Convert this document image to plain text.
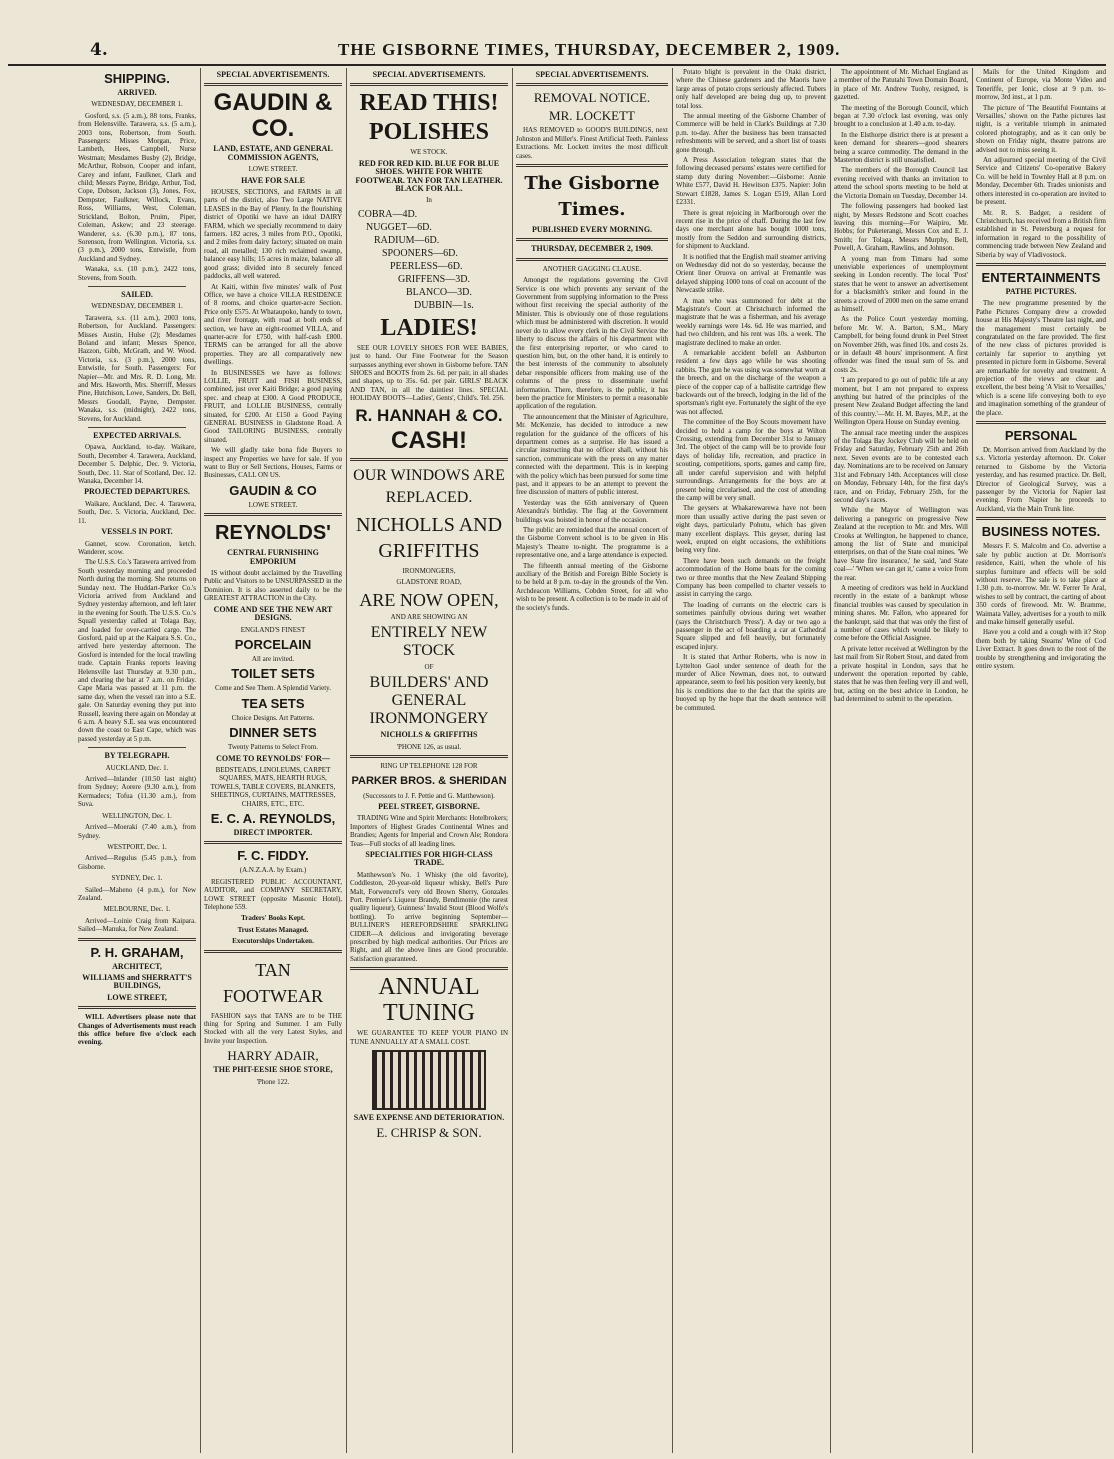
4.	THE GISBORNE TIMES, THURSDAY, DECEMBER 2, 1909.
SHIPPING.
ARRIVED.
WEDNESDAY, DECEMBER 1.

Gosford, s.s. (5 a.m.), 88 tons, Franks, from Helensville. Tarawera, s.s. (5 a.m.), 2003 tons, Robertson, from South. Passengers: Misses Morgan, Price, Lambeth, Hees, Campbell, Nurse Westman; Mesdames Busby (2), Bridge, McArthur, Robson, Cooper and infant, Carey and infant, Faulkner, Clark and child; Messrs Payne, Bridge, Arthur, Tod, Cope, Dobson, Jackson (3), Jones, Fox, Dempster, Faulkner, Willock, Evans, Ross, Williams, West, Coleman, Strickland, Bolton, Pruim, Piper, Coleman, Askew; and 23 steerage. Wanderer, s.s. (6.30 p.m.), 87 tons, Sorenson, from Wellington. Victoria, s.s. (3 p.m.), 2000 tons, Entwistle, from Auckland and Sydney.

Wanaka, s.s. (10 p.m.), 2422 tons, Stevens, from South.

SAILED.
WEDNESDAY, DECEMBER 1.

Tarawera, s.s. (11 a.m.), 2003 tons, Robertson, for Auckland. Passengers: Misses Austin, Hulse (2); Mesdames Boland and infant; Messrs Spence, Hazzon, Gibb, McGrath, and W. Wood. Victoria, s.s. (3 p.m.), 2000 tons, Entwistle, for South. Passengers: For Napier—Mr. and Mrs. R. D. Long, Mr. and Mrs. Haworth, Mrs. Sherriff, Messrs Pine, Hutchison, Lowe, Sanders, Dr. Bell, Messrs Goodall, Payne, Dempster. Wanaka, s.s. (midnight), 2422 tons, Stevens, for Auckland.

EXPECTED ARRIVALS.

Opawa, Auckland, to-day. Waikare, South, December 4. Tarawera, Auckland, December 5. Delphic, Dec. 9. Victoria, South, Dec. 11. Star of Scotland, Dec. 12. Wanaka, December 14.

PROJECTED DEPARTURES.

Waikare, Auckland, Dec. 4. Tarawera, South, Dec. 5. Victoria, Auckland, Dec. 11.

VESSELS IN PORT.

Gannet, scow. Coronation, ketch. Wanderer, scow.

The U.S.S. Co.'s Tarawera arrived from South yesterday morning and proceeded North during the morning. She returns on Sunday next. The Huddart-Parker Co.'s Victoria arrived from Auckland and Sydney yesterday afternoon, and left later in the evening for South. The U.S.S. Co.'s Squall yesterday called at Tolaga Bay, and loaded for over-carried cargo. The Gosford, paid up at the Kaipara S.S. Co., arrived here yesterday afternoon. The Gosford is intended for the local trawling trade. Captain Franks reports leaving Helensville last Thursday at 9.30 p.m., and clearing the bar at 7 a.m. on Friday. Cape Maria was passed at 11 p.m. the same day, when the vessel ran into a S.E. gale. On Saturday evening they put into Russell, leaving there again on Monday at 6 a.m. A heavy S.E. sea was encountered down the coast to East Cape, which was passed yesterday at 5 p.m.

BY TELEGRAPH.
AUCKLAND, Dec. 1.

Arrived—Inlander (10.50 last night) from Sydney; Aorere (9.30 a.m.), from Kermadecs; Tofua (11.30 a.m.), from Suva.

WELLINGTON, Dec. 1.

Arrived—Moeraki (7.40 a.m.), from Sydney.

WESTPORT, Dec. 1.

Arrived—Regulus (5.45 p.m.), from Gisborne.

SYDNEY, Dec. 1.

Sailed—Maheno (4 p.m.), for New Zealand.

MELBOURNE, Dec. 1.

Arrived—Loinie Craig from Kaipara. Sailed—Manuka, for New Zealand.

P. H. GRAHAM,
ARCHITECT,
WILLIAMS and SHERRATT'S BUILDINGS,
LOWE STREET,

WILL Advertisers please note that Changes of Advertisements must reach this office before five o'clock each evening.

SPECIAL ADVERTISEMENTS.
GAUDIN & CO.
LAND, ESTATE, AND GENERAL COMMISSION AGENTS,
LOWE STREET.
HAVE FOR SALE

HOUSES, SECTIONS, and FARMS in all parts of the district, also Two Large NATIVE LEASES in the Bay of Plenty. In the flourishing district of Opotiki we have an ideal DAIRY FARM, which we specially recommend to dairy farmers. 182 acres, 3 miles from P.O., Opotiki, and 2 miles from dairy factory; situated on main road, all metalled; 130 rich reclaimed swamp, balance easy hills; 15 acres in maize, balance all good grass; divided into 8 securely fenced paddocks, all well watered.

At Kaiti, within five minutes' walk of Post Office, we have a choice VILLA RESIDENCE of 8 rooms, and choice quarter-acre Section. Price only £575. At Whataupoko, handy to town, and river frontage, with road at both ends of section, we have an eight-roomed VILLA, and quarter-acre for £750, with half-cash £800. TERMS can be arranged for all the above properties. They are all comparatively new dwellings.

In BUSINESSES we have as follows: LOLLIE, FRUIT and FISH BUSINESS, combined, just over Kaiti Bridge; a good paying spec. and cheap at £300. A Good PRODUCE, FRUIT, and LOLLIE BUSINESS, centrally situated, for £200. At £150 a Good Paying GENERAL BUSINESS in Gladstone Road. A Good TAILORING BUSINESS, centrally situated.

We will gladly take bona fide Buyers to inspect any Properties we have for sale. If you want to Buy or Sell Sections, Houses, Farms or Businesses, CALL ON US.

GAUDIN & CO
LOWE STREET.
REYNOLDS'
CENTRAL FURNISHING EMPORIUM

IS without doubt acclaimed by the Travelling Public and Visitors to be UNSURPASSED in the Dominion. It is also asserted daily to be the GREATEST ATTRACTION in the City.

COME AND SEE THE NEW ART DESIGNS.
ENGLAND'S FINEST
PORCELAIN
All are invited.
TOILET SETS
Come and See Them. A Splendid Variety.
TEA SETS
Choice Designs. Art Patterns.
DINNER SETS
Twenty Patterns to Select From.
COME TO REYNOLDS' FOR—
BEDSTEADS, LINOLEUMS, CARPET SQUARES, MATS, HEARTH RUGS, TOWELS, TABLE COVERS, BLANKETS, SHEETINGS, CURTAINS, MATTRESSES, CHAIRS, ETC., ETC.
E. C. A. REYNOLDS,
DIRECT IMPORTER.
F. C. FIDDY.
(A.N.Z.A.A. by Exam.)

REGISTERED PUBLIC ACCOUNTANT, AUDITOR, and COMPANY SECRETARY, LOWE STREET (opposite Masonic Hotel), Telephone 559.

Traders' Books Kept.
Trust Estates Managed.
Executorships Undertaken.
TAN FOOTWEAR

FASHION says that TANS are to be THE thing for Spring and Summer. I am Fully Stocked with all the very Latest Styles, and Invite your Inspection.

HARRY ADAIR,
THE PHIT-EESIE SHOE STORE,
'Phone 122.
SPECIAL ADVERTISEMENTS.
READ THIS!
POLISHES
WE STOCK.
RED FOR RED KID. BLUE FOR BLUE SHOES. WHITE FOR WHITE FOOTWEAR. TAN FOR TAN LEATHER. BLACK FOR ALL.
In
COBRA—4D.
NUGGET—6D.
RADIUM—6D.
SPOONERS—6D.
PEERLESS—6D.
GRIFFENS—3D.
BLANCO—3D.
DUBBIN—1s.
LADIES!

SEE OUR LOVELY SHOES FOR WEE BABIES, just to hand. Our Fine Footwear for the Season surpasses anything ever shown in Gisborne before. TAN SHOES and BOOTS from 2s. 6d. per pair, in all shades and shapes, up to 35s. 6d. per pair. GIRLS' BLACK AND TAN, in all the daintiest lines. SPECIAL HOLIDAY BOOTS—Ladies', Gents', Child's. Tel. 256.

R. HANNAH & CO.
CASH!
OUR WINDOWS ARE REPLACED.
NICHOLLS AND GRIFFITHS
IRONMONGERS,
GLADSTONE ROAD,
ARE NOW OPEN,
AND ARE SHOWING AN
ENTIRELY NEW STOCK
OF
BUILDERS' AND GENERAL IRONMONGERY
NICHOLLS & GRIFFITHS
'PHONE 126, as usual.
RING UP TELEPHONE 128 FOR
PARKER BROS. & SHERIDAN
(Successors to J. F. Pettie and G. Matthewson).
PEEL STREET, GISBORNE.

TRADING Wine and Spirit Merchants: Hotelbrokers; Importers of Highest Grades Continental Wines and Brandies; Agents for Imperial and Crown Ale; Rondora Teas—Full stocks of all leading lines.

SPECIALITIES FOR HIGH-CLASS TRADE.

Matthewson's No. 1 Whisky (the old favorite), Coddleston, 20-year-old liqueur whisky, Bell's Pure Malt, Forwencrel's very old Brown Sherry, Gonzales Port. Premier's Liqueur Brandy, Bendimonie (the rarest quality liqueur), Guinness' Invalid Stout (Blood Wolfe's bottling). To arrive beginning September—BULLINER'S HEREFORDSHIRE SPARKLING CIDER—A delicious and invigorating beverage prescribed by high medical authorities. Our Prices are Right, and all the above lines are Good procurable. Satisfaction guaranteed.

ANNUAL TUNING

WE GUARANTEE TO KEEP YOUR PIANO IN TUNE ANNUALLY AT A SMALL COST.

SAVE EXPENSE AND DETERIORATION.
E. CHRISP & SON.
SPECIAL ADVERTISEMENTS.
REMOVAL NOTICE.
MR. LOCKETT

HAS REMOVED to GOOD'S BUILDINGS, next Johnston and Miller's. Finest Artificial Teeth. Painless Extractions. Mr. Lockett invites the most difficult cases.

The Gisborne Times.
PUBLISHED EVERY MORNING.
THURSDAY, DECEMBER 2, 1909.
ANOTHER GAGGING CLAUSE.

Amongst the regulations governing the Civil Service is one which prevents any servant of the Government from supplying information to the Press without first receiving the special authority of the Minister. This is obviously one of those regulations which must be administered with discretion. It would never do to allow every clerk in the Civil Service the liberty to discuss the affairs of his department with the first enterprising reporter, or who cared to question him, but, on the other hand, it is entirely to the best interests of the community to absolutely debar responsible officers from making use of the columns of the press to disseminate useful information. There, therefore, is the public, it has been the practice for Ministers to permit a reasonable application of the regulation.

The announcement that the Minister of Agriculture, Mr. McKenzie, has decided to introduce a new regulation for the guidance of the officers of his department comes as a surprise. He has issued a circular instructing that no officer shall, without his sanction, communicate with the press on any matter connected with the department. This is in keeping with the policy which has been pursued for some time past, and it appears to be an attempt to prevent the free discussion of matters of public interest.

Yesterday was the 65th anniversary of Queen Alexandra's birthday. The flag at the Government buildings was hoisted in honor of the occasion.

The public are reminded that the annual concert of the Gisborne Convent school is to be given in His Majesty's Theatre to-night. The programme is a representative one, and a large attendance is expected.

The fifteenth annual meeting of the Gisborne auxiliary of the British and Foreign Bible Society is to be held at 8 p.m. to-day in the grounds of the Ven. Archdeacon Williams, Cobden Street, for all who wish to be present. A collection is to be made in aid of the society's funds.

Potato blight is prevalent in the Otaki district, where the Chinese gardeners and the Maoris have large areas of potato crops seriously affected. Tubers only half developed are being dug up, to prevent total loss.

The annual meeting of the Gisborne Chamber of Commerce will be held in Clark's Buildings at 7.30 p.m. to-day. After the business has been transacted refreshments will be served, and a short list of toasts gone through.

A Press Association telegram states that the following deceased persons' estates were certified for stamp duty during November:—Gisborne: Annie White £577, David H. Hewitson £375. Napier: John Stewart £1828, James S. Logan £519, Allan Lord £2331.

There is great rejoicing in Marlborough over the recent rise in the price of chaff. During the last few days one merchant alone has bought 1000 tons, mostly from the Seddon and surrounding districts, for shipment to Auckland.

It is notified that the English mail steamer arriving on Wednesday did not do so yesterday, because the Orient liner Oruova on arrival at Fremantle was delayed shipping 1000 tons of coal on account of the Newcastle strike.

A man who was summoned for debt at the Magistrate's Court at Christchurch informed the magistrate that he was a fisherman, and his average weekly earnings were 14s. 6d. He was married, and had two children, and his rent was 10s. a week. The magistrate declined to make an order.

A remarkable accident befell an Ashburton resident a few days ago while he was shooting rabbits. The gun he was using was somewhat worn at the breech, and on the discharge of the weapon a piece of the copper cap of a ballistite cartridge flew backwards out of the breech, lodging in the lid of the sportsman's right eye. Fortunately the sight of the eye was not affected.

The committee of the Boy Scouts movement have decided to hold a camp for the boys at Wilton Crossing, extending from December 31st to January 3rd. The object of the camp will be to provide four days of holiday life, recreation, and practice in scouting, competitions, sports, games and camp fire, all under careful supervision and with helpful surroundings. Arrangements for the boys are at present being circularised, and the cost of attending the camp will be very small.

The geysers at Whakarewarewa have not been more than usually active during the past seven or eight days, particularly Pohutu, which has given many excellent displays. This geyser, during last week, erupted on eight occasions, the exhibitions being very fine.

There have been such demands on the freight accommodation of the Home boats for the coming two or three months that the New Zealand Shipping Company has been compelled to charter vessels to assist in carrying the cargo.

The loading of currants on the electric cars is sometimes painfully obvious during wet weather (says the Christchurch 'Press'). A day or two ago a passenger in the act of boarding a car at Cathedral Square slipped and fell heavily, but fortunately escaped injury.

It is stated that Arthur Roberts, who is now in Lyttelton Gaol under sentence of death for the murder of Alice Newman, does not, to outward appearance, seem to feel his position very keenly, but his is conditions due to the fact that the spirits are buoyed up by the hope that the death sentence will be commuted.

The appointment of Mr. Michael England as a member of the Patutahi Town Domain Board, in place of Mr. Andrew Tuohy, resigned, is gazetted.

The meeting of the Borough Council, which began at 7.30 o'clock last evening, was only brought to a conclusion at 1.40 a.m. to-day.

In the Elsthorpe district there is at present a keen demand for shearers—good shearers being a scarce commodity. The demand in the Masterton district is still unsatisfied.

The members of the Borough Council last evening received with thanks an invitation to attend the school sports meeting to be held at the Victoria Domain on Tuesday, December 14.

The following passengers had booked last night, by Messrs Redstone and Scott coaches leaving this morning—For Waipiro, Mr. Hobbs; for Puketerangi, Messrs Cox and E. J. Smith; for Tolaga, Messrs Murphy, Bell, Powell, A. Graham, Rawlins, and Johnson.

A young man from Timaru had some unenviable experiences of unemployment seeking in London recently. The local 'Post' states that he went to answer an advertisement for a blacksmith's striker and found in the streets a crowd of 2000 men on the same errand as himself.

As the Police Court yesterday morning, before Mr. W. A. Barton, S.M., Mary Campbell, for being found drunk in Peel Street on November 26th, was fined 10s. and costs 2s. or in default 48 hours' imprisonment. A first offender was fined the usual sum of 5s. and costs 2s.

'I am prepared to go out of public life at any moment, but I am not prepared to express anything but hatred of the principles of the present New Zealand Budget affecting the land of this country.'—Mr. H. M. Bayes, M.P., at the Wellington Opera House on Sunday evening.

The annual race meeting under the auspices of the Tolaga Bay Jockey Club will be held on Friday and Saturday, February 25th and 26th next. Seven events are to be contested each day. Nominations are to be received on January 31st and February 14th. Acceptances will close on Monday, February 14th, for the first day's race, and on Friday, February 25th, for the second day's races.

While the Mayor of Wellington was delivering a panegyric on progressive New Zealand at the reception to Mr. and Mrs. Will Crooks at Wellington, he happened to chance, among the list of State and municipal enterprises, on that of the State coal mines. 'We have State fire insurance,' he said, 'and State coal—' 'When we can get it,' came a voice from the rear.

A meeting of creditors was held in Auckland recently in the estate of a bankrupt whose financial troubles was caused by speculation in mining shares. Mr. Fallon, who appeared for the bankrupt, said that that was only the first of a number of cases which would be likely to come before the Official Assignee.

A private letter received at Wellington by the last mail from Sir Robert Stout, and dated from a private hospital in London, says that he underwent the operation reported by cable, states that he was then feeling very ill and well, but, acting on the best advice in London, he had determined to submit to the operation.

Mails for the United Kingdom and Continent of Europe, via Monte Video and Teneriffe, per Ionic, close at 9 p.m. to-morrow, 3rd inst., at 1 p.m.

The picture of 'The Beautiful Fountains at Versailles,' shown on the Pathe pictures last night, is a veritable triumph in animated colored photography, and as it can only be shown on Friday night, theatre patrons are advised not to miss seeing it.

An adjourned special meeting of the Civil Service and Citizens' Co-operative Bakery Co. will be held in Townley Hall at 8 p.m. on Monday, December 6th. Trades unionists and others interested in co-operation are invited to be present.

Mr. R. S. Badger, a resident of Christchurch, has received from a British firm established in St. Petersburg a request for information in regard to the possibility of commencing trade between New Zealand and Siberia by way of Vladivostock.

ENTERTAINMENTS
PATHE PICTURES.

The new programme presented by the Pathe Pictures Company drew a crowded house at His Majesty's Theatre last night, and the management must certainly be congratulated on the fare provided. The first of the new class of pictures provided is certainly far superior to anything yet presented in picture form in Gisborne. Several are remarkable for novelty and treatment. A projection of the views are clear and excellent, the best being 'A Visit to Versailles,' which is a scene life conveying both to eye and imagination something of the grandeur of the place.

PERSONAL

Dr. Morrison arrived from Auckland by the s.s. Victoria yesterday afternoon. Dr. Coker returned to Gisborne by the Victoria yesterday, and has resumed practice. Dr. Bell, Director of Geological Survey, was a passenger by the Victoria for Napier last evening. From Napier he proceeds to Auckland, via the Main Trunk line.

BUSINESS NOTES.

Messrs F. S. Malcolm and Co. advertise a sale by public auction at Dr. Morrison's residence, Kaiti, when the whole of his surplus furniture and effects will be sold without reserve. The sale is to take place at 1.30 p.m. to-morrow. Mr. W. Ferrer Te Aral, wishes to sell by contract, the carting of about 350 cords of firewood. Mr. W. Bramme, Waimata Valley, advertises for a youth to milk and make himself generally useful.

Have you a cold and a cough with it? Stop them both by taking Stearns' Wine of Cod Liver Extract. It goes down to the root of the trouble by strengthening and invigorating the entire system.
